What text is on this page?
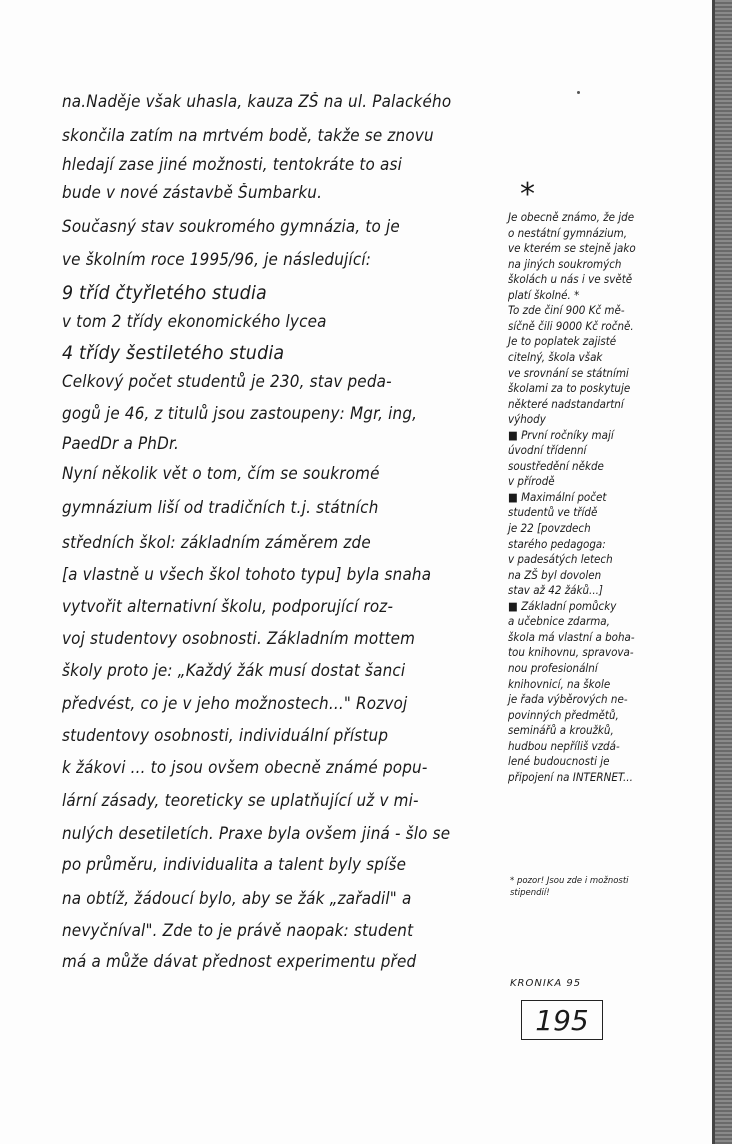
na.Naděje však uhasla, kauza ZŠ na ul. Palackého
skončila zatím na mrtvém bodě, takže se znovu
hledají zase jiné možnosti, tentokráte to asi
bude v nové zástavbě Šumbarku.
Současný stav soukromého gymnázia, to je
ve školním roce 1995/96, je následující:
9 tříd čtyřletého studia
v tom 2 třídy ekonomického lycea
4 třídy šestiletého studia
Celkový počet studentů je 230, stav peda-
gogů je 46, z titulů jsou zastoupeny: Mgr, ing,
PaedDr a PhDr.
Nyní několik vět o tom, čím se soukromé
gymnázium liší od tradičních t.j. státních
středních škol: základním záměrem zde
[a vlastně u všech škol tohoto typu] byla snaha
vytvořit alternativní školu, podporující roz-
voj studentovy osobnosti. Základním mottem
školy proto je: „Každý žák musí dostat šanci
předvést, co je v jeho možnostech..." Rozvoj
studentovy osobnosti, individuální přístup
k žákovi ... to jsou ovšem obecně známé popu-
lární zásady, teoreticky se uplatňující už v mi-
nulých desetiletích. Praxe byla ovšem jiná - šlo se
po průměru, individualita a talent byly spíše
na obtíž, žádoucí bylo, aby se žák „zařadil" a
nevyčníval". Zde to je právě naopak: student
má a může dávat přednost experimentu před
*
Je obecně známo, že jde
o nestátní gymnázium,
ve kterém se stejně jako
na jiných soukromých
školách u nás i ve světě
platí školné. *
To zde činí 900 Kč mě-
síčně čili 9000 Kč ročně.
Je to poplatek zajisté
citelný, škola však
ve srovnání se státními
školami za to poskytuje
některé nadstandartní
výhody
■ První ročníky mají
úvodní třídenní
soustředění někde
v přírodě
■ Maximální počet
studentů ve třídě
je 22 [povzdech
starého pedagoga:
v padesátých letech
na ZŠ byl dovolen
stav až 42 žáků...]
■ Základní pomůcky
a učebnice zdarma,
škola má vlastní a boha-
tou knihovnu, spravova-
nou profesionální
knihovnicí, na škole
je řada výběrových ne-
povinných předmětů,
seminářů a kroužků,
hudbou nepříliš vzdá-
lené budoucnosti je
připojení na INTERNET...
* pozor! Jsou zde i možnosti
stipendií!
KRONIKA 95
195
